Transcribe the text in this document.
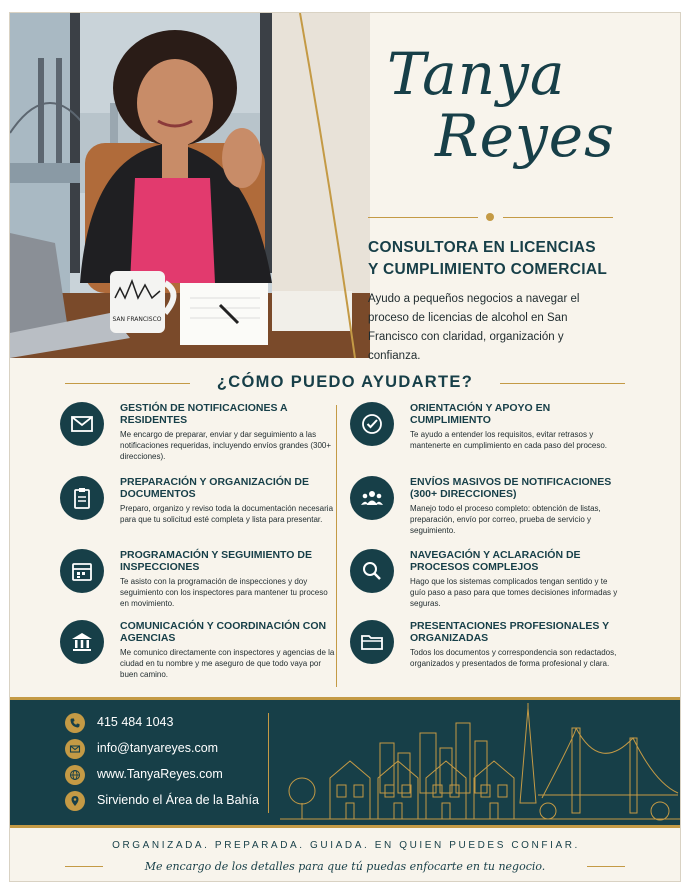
SAN FRANCISCO
Tanya
Reyes
CONSULTORA EN LICENCIAS
Y CUMPLIMIENTO COMERCIAL
Ayudo a pequeños negocios a navegar el proceso de licencias de alcohol en San Francisco con claridad, organización y confianza.
¿CÓMO PUEDO AYUDARTE?
GESTIÓN DE NOTIFICACIONES A RESIDENTES
Me encargo de preparar, enviar y dar seguimiento a las notificaciones requeridas, incluyendo envíos grandes (300+ direcciones).
PREPARACIÓN Y ORGANIZACIÓN DE DOCUMENTOS
Preparo, organizo y reviso toda la documentación necesaria para que tu solicitud esté completa y lista para presentar.
PROGRAMACIÓN Y SEGUIMIENTO DE INSPECCIONES
Te asisto con la programación de inspecciones y doy seguimiento con los inspectores para mantener tu proceso en movimiento.
COMUNICACIÓN Y COORDINACIÓN CON AGENCIAS
Me comunico directamente con inspectores y agencias de la ciudad en tu nombre y me aseguro de que todo vaya por buen camino.
ORIENTACIÓN Y APOYO EN CUMPLIMIENTO
Te ayudo a entender los requisitos, evitar retrasos y mantenerte en cumplimiento en cada paso del proceso.
ENVÍOS MASIVOS DE NOTIFICACIONES (300+ DIRECCIONES)
Manejo todo el proceso completo: obtención de listas, preparación, envío por correo, prueba de servicio y seguimiento.
NAVEGACIÓN Y ACLARACIÓN DE PROCESOS COMPLEJOS
Hago que los sistemas complicados tengan sentido y te guío paso a paso para que tomes decisiones informadas y seguras.
PRESENTACIONES PROFESIONALES Y ORGANIZADAS
Todos los documentos y correspondencia son redactados, organizados y presentados de forma profesional y clara.
415 484 1043
info@tanyareyes.com
www.TanyaReyes.com
Sirviendo el Área de la Bahía
ORGANIZADA. PREPARADA. GUIADA. EN QUIEN PUEDES CONFIAR.
Me encargo de los detalles para que tú puedas enfocarte en tu negocio.
